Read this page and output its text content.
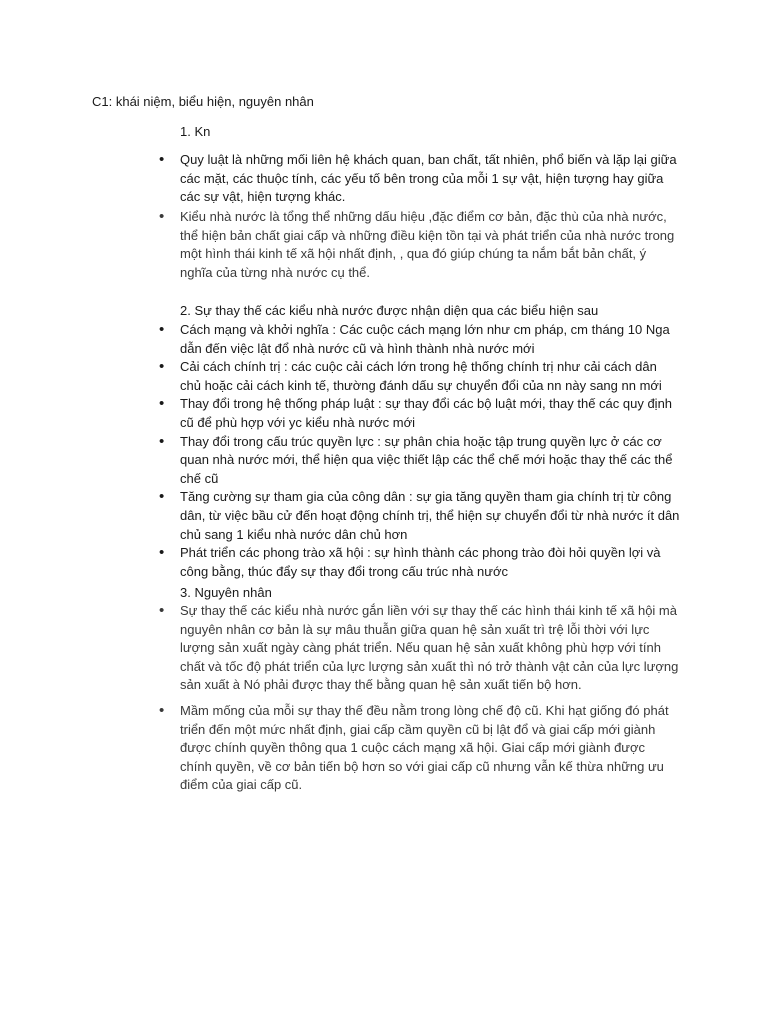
C1: khái niệm, biểu hiện, nguyên nhân
1. Kn
• Quy luật là những mối liên hệ khách quan, ban chất, tất nhiên, phổ biến và lặp lại giữa các mặt, các thuộc tính, các yếu tố bên trong của mỗi 1 sự vật, hiện tượng hay giữa các sự vật, hiện tượng khác.
• Kiểu nhà nước là tổng thể những dấu hiệu ,đặc điểm cơ bản, đặc thù của nhà nước, thể hiện bản chất giai cấp và những điều kiện tồn tại và phát triển của nhà nước trong một hình thái kinh tế xã hội nhất định, , qua đó giúp chúng ta nắm bắt bản chất, ý nghĩa của từng nhà nước cụ thể.
2. Sự thay thế các kiểu nhà nước được nhận diện qua các biểu hiện sau
• Cách mạng và khởi nghĩa : Các cuộc cách mạng lớn như cm pháp, cm tháng 10 Nga dẫn đến việc lật đổ nhà nước cũ và hình thành nhà nước mới
• Cải cách chính trị : các cuộc cải cách lớn trong hệ thống chính trị như cải cách dân chủ hoặc cải cách kinh tế, thường đánh dấu sự chuyển đổi của nn này sang nn mới
• Thay đổi trong hệ thống pháp luật : sự thay đổi các bộ luật mới, thay thế các quy định cũ để phù hợp với yc kiểu nhà nước mới
• Thay đổi trong cấu trúc quyền lực : sự phân chia hoặc tập trung quyền lực ở các cơ quan nhà nước mới, thể hiện qua việc thiết lập các thể chế mới hoặc thay thế các thể chế cũ
• Tăng cường sự tham gia của công dân : sự gia tăng quyền tham gia chính trị từ công dân, từ việc bầu cử đến hoạt động chính trị, thể hiện sự chuyển đổi từ nhà nước ít dân chủ sang 1 kiểu nhà nước dân chủ hơn
• Phát triển các phong trào xã hội : sự hình thành các phong trào đòi hỏi quyền lợi và công bằng, thúc đẩy sự thay đổi trong cấu trúc nhà nước
3. Nguyên nhân
• Sự thay thế các kiểu nhà nước gắn liền với sự thay thế các hình thái kinh tế xã hội mà nguyên nhân cơ bản là sự mâu thuẫn giữa quan hệ sản xuất trì trệ lỗi thời với lực lượng sản xuất ngày càng phát triển. Nếu quan hệ sản xuất không phù hợp với tính chất và tốc độ phát triển của lực lượng sản xuất thì nó trở thành vật cản của lực lượng sản xuất à Nó phải được thay thế bằng quan hệ sản xuất tiến bộ hơn.
• Mầm mống của mỗi sự thay thế đều nằm trong lòng chế độ cũ. Khi hạt giống đó phát triển đến một mức nhất định, giai cấp cầm quyền cũ bị lật đổ và giai cấp mới giành được chính quyền thông qua 1 cuộc cách mạng xã hội. Giai cấp mới giành được chính quyền, về cơ bản tiến bộ hơn so với giai cấp cũ nhưng vẫn kế thừa những ưu điểm của giai cấp cũ.
